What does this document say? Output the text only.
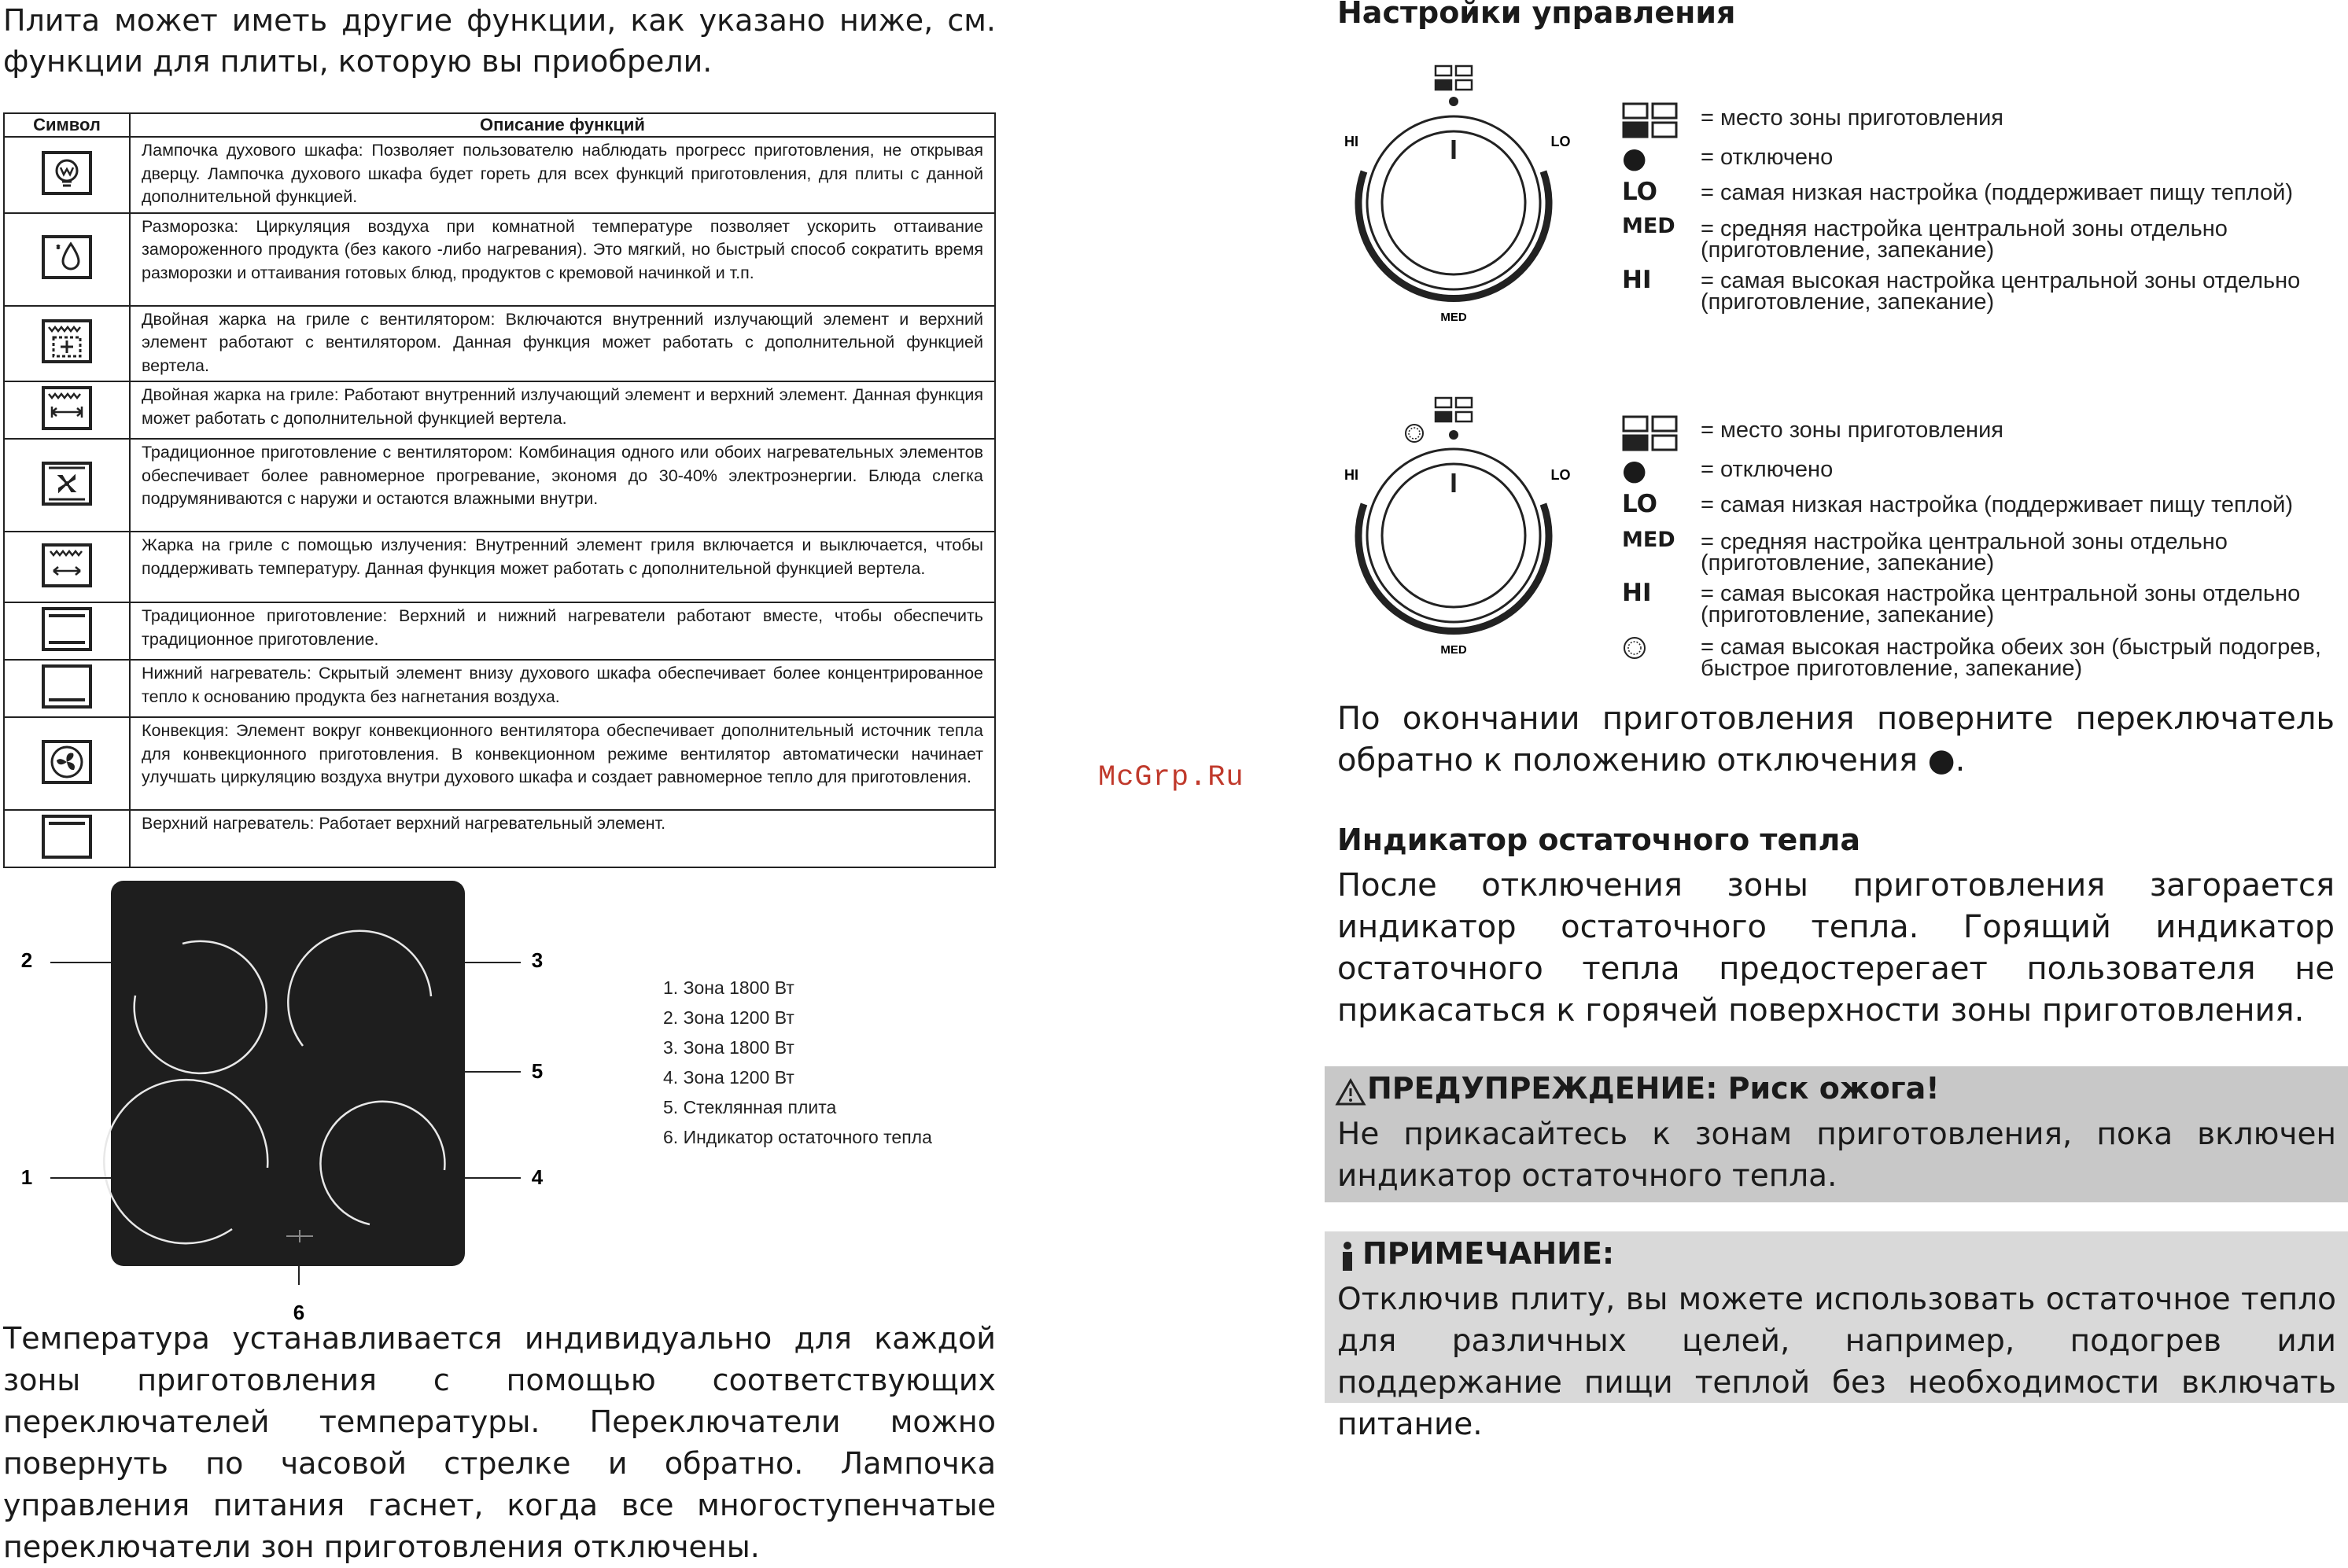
Плита может иметь другие функции, как указано ниже, см. функции для плиты, которую вы приобрели.
Символ	Описание функций
	Лампочка духового шкафа: Позволяет пользователю наблюдать прогресс приготовления, не открывая дверцу. Лампочка духового шкафа будет гореть для всех функций приготовления, для плиты с данной дополнительной функцией.
	Разморозка: Циркуляция воздуха при комнатной температуре позволяет ускорить оттаивание замороженного продукта (без какого -либо нагревания). Это мягкий, но быстрый способ сократить время разморозки и оттаивания готовых блюд, продуктов с кремовой начинкой и т.п.
	Двойная жарка на гриле с вентилятором: Включаются внутренний излучающий элемент и верхний элемент работают с вентилятором. Данная функция может работать с дополнительной функцией вертела.
	Двойная жарка на гриле: Работают внутренний излучающий элемент и верхний элемент. Данная функция может работать с дополнительной функцией вертела.
	Традиционное приготовление с вентилятором: Комбинация одного или обоих нагревательных элементов обеспечивает более равномерное прогревание, экономя до 30-40% электроэнергии. Блюда слегка подрумяниваются с наружи и остаются влажными внутри.
	Жарка на гриле с помощью излучения: Внутренний элемент гриля включается и выключается, чтобы поддерживать температуру. Данная функция может работать с дополнительной функцией вертела.
	Традиционное приготовление: Верхний и нижний нагреватели работают вместе, чтобы обеспечить традиционное приготовление.
	Нижний нагреватель: Скрытый элемент внизу духового шкафа обеспечивает более концентрированное тепло к основанию продукта без нагнетания воздуха.
	Конвекция: Элемент вокруг конвекционного вентилятора обеспечивает дополнительный источник тепла для конвекционного приготовления. В конвекционном режиме вентилятор автоматически начинает улучшать циркуляцию воздуха внутри духового шкафа и создает равномерное тепло для приготовления.
	Верхний нагреватель: Работает верхний нагревательный элемент.
2	3
5
1	4
6
1. Зона 1800 Вт
2. Зона 1200 Вт
3. Зона 1800 Вт
4. Зона 1200 Вт
5. Стеклянная плита
6. Индикатор остаточного тепла
Температура устанавливается индивидуально для каждой зоны приготовления с помощью соответствующих переключателей температуры. Переключатели можно повернуть по часовой стрелке и обратно. Лампочка управления питания гаснет, когда все многоступенчатые переключатели зон приготовления отключены.
McGrp.Ru
Настройки управления
HI	LO
MED
= место зоны приготовления
● = отключено
LO = самая низкая настройка (поддерживает пищу теплой)
MED = средняя настройка центральной зоны отдельно (приготовление, запекание)
HI = самая высокая настройка центральной зоны отдельно (приготовление, запекание)
HI	LO
MED
= место зоны приготовления
● = отключено
LO = самая низкая настройка (поддерживает пищу теплой)
MED = средняя настройка центральной зоны отдельно (приготовление, запекание)
HI = самая высокая настройка центральной зоны отдельно (приготовление, запекание)
= самая высокая настройка обеих зон (быстрый подогрев, быстрое приготовление, запекание)
По окончании приготовления поверните переключатель обратно к положению отключения ●.
Индикатор остаточного тепла
После отключения зоны приготовления загорается индикатор остаточного тепла. Горящий индикатор остаточного тепла предостерегает пользователя не прикасаться к горячей поверхности зоны приготовления.
ПРЕДУПРЕЖДЕНИЕ: Риск ожога!
Не прикасайтесь к зонам приготовления, пока включен индикатор остаточного тепла.
ПРИМЕЧАНИЕ:
Отключив плиту, вы можете использовать остаточное тепло для различных целей, например, подогрев или поддержание пищи теплой без необходимости включать питание.
